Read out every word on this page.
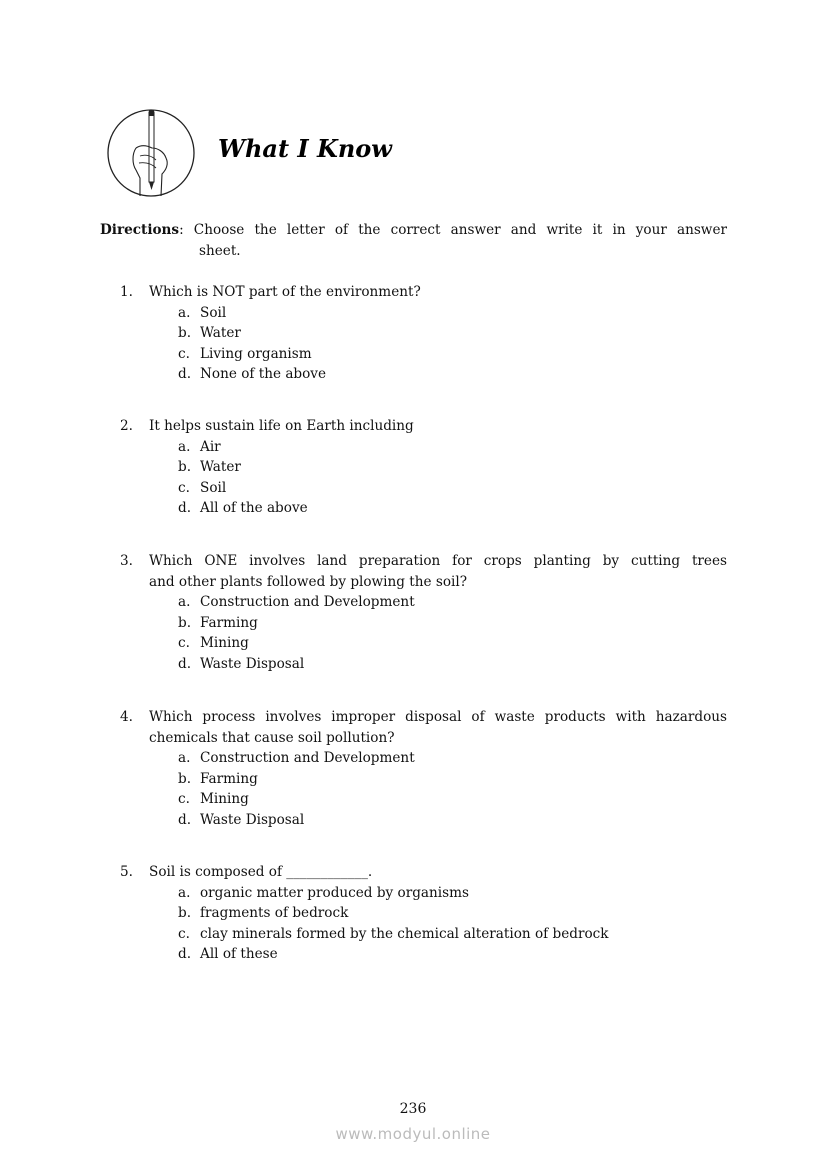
What I Know
Directions: Choose the letter of the correct answer and write it in your answer
sheet.
1. Which is NOT part of the environment?
a. Soil
b. Water
c. Living organism
d. None of the above
2. It helps sustain life on Earth including
a. Air
b. Water
c. Soil
d. All of the above
3. Which ONE involves land preparation for crops planting by cutting trees
and other plants followed by plowing the soil?
a. Construction and Development
b. Farming
c. Mining
d. Waste Disposal
4. Which process involves improper disposal of waste products with hazardous
chemicals that cause soil pollution?
a. Construction and Development
b. Farming
c. Mining
d. Waste Disposal
5. Soil is composed of ____________.
a. organic matter produced by organisms
b. fragments of bedrock
c. clay minerals formed by the chemical alteration of bedrock
d. All of these
236
www.modyul.online
